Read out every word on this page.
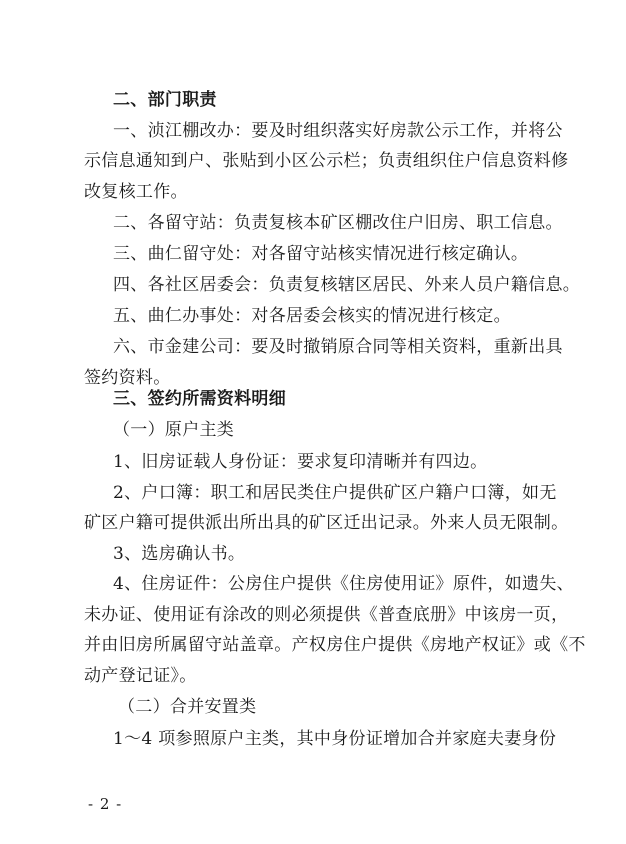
二、部门职责

一、浈江棚改办：要及时组织落实好房款公示工作，并将公

示信息通知到户、张贴到小区公示栏；负责组织住户信息资料修

改复核工作。

二、各留守站：负责复核本矿区棚改住户旧房、职工信息。

三、曲仁留守处：对各留守站核实情况进行核定确认。

四、各社区居委会：负责复核辖区居民、外来人员户籍信息。

五、曲仁办事处：对各居委会核实的情况进行核定。

六、市金建公司：要及时撤销原合同等相关资料，重新出具

签约资料。

三、签约所需资料明细

（一）原户主类

1、旧房证载人身份证：要求复印清晰并有四边。

2、户口簿：职工和居民类住户提供矿区户籍户口簿，如无

矿区户籍可提供派出所出具的矿区迁出记录。外来人员无限制。

3、选房确认书。

4、住房证件：公房住户提供《住房使用证》原件，如遗失、

未办证、使用证有涂改的则必须提供《普查底册》中该房一页，

并由旧房所属留守站盖章。产权房住户提供《房地产权证》或《不

动产登记证》。

（二）合并安置类

1～4 项参照原户主类，其中身份证增加合并家庭夫妻身份

- 2 -
